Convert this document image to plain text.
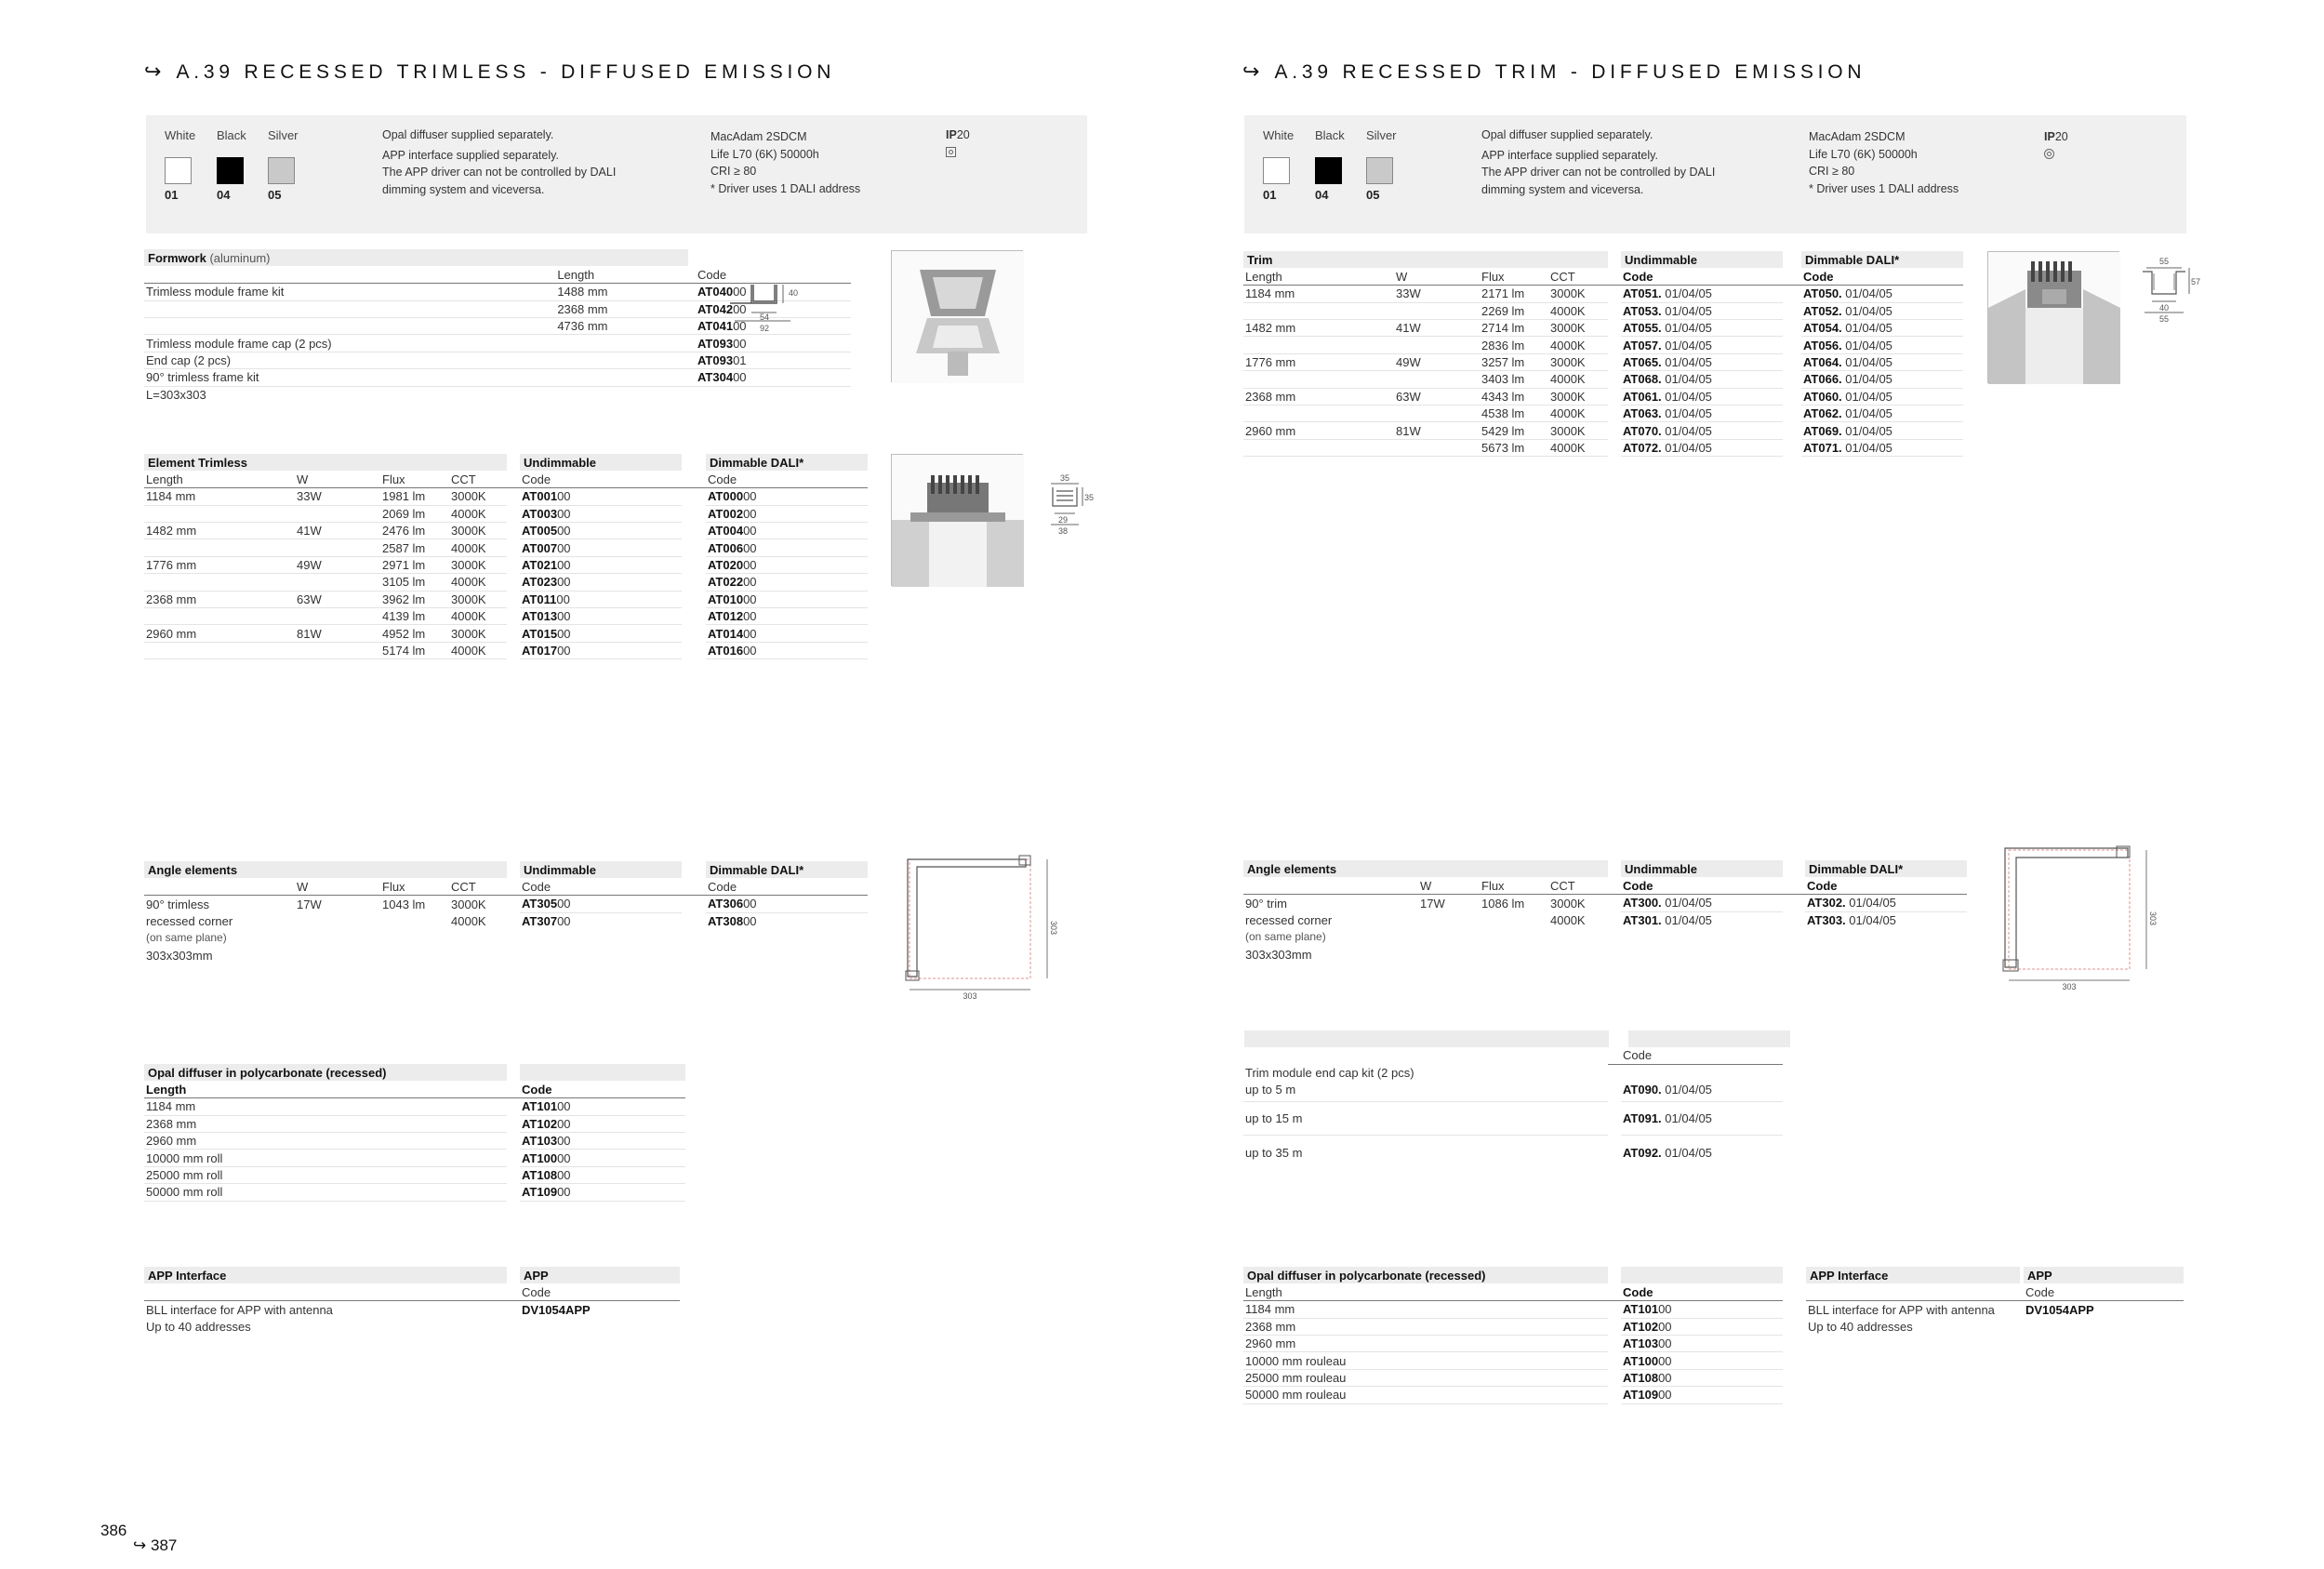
↪ A.39 RECESSED TRIMLESS - DIFFUSED EMISSION
White
01
Black
04
Silver
05
Opal diffuser supplied separately.
APP interface supplied separately.
The APP driver can not be controlled by DALI
dimming system and viceversa.
MacAdam 2SDCM
Life L70 (6K) 50000h
CRI ≥ 80
* Driver uses 1 DALI address
IP20
Formwork (aluminum)		
	Length	Code
Trimless module frame kit	1488 mm	AT04000
	2368 mm	AT04200
	4736 mm	AT04100
Trimless module frame cap (2 pcs)		AT09300
End cap (2 pcs)		AT09301
90° trimless frame kit		AT30400
L=303x303		
54
92
40
Element Trimless					Undimmable		Dimmable DALI*
Length	W	Flux	CCT		Code		Code
1184 mm	33W	1981 lm	3000K		AT00100		AT00000
		2069 lm	4000K		AT00300		AT00200
1482 mm	41W	2476 lm	3000K		AT00500		AT00400
		2587 lm	4000K		AT00700		AT00600
1776 mm	49W	2971 lm	3000K		AT02100		AT02000
		3105 lm	4000K		AT02300		AT02200
2368 mm	63W	3962 lm	3000K		AT01100		AT01000
		4139 lm	4000K		AT01300		AT01200
2960 mm	81W	4952 lm	3000K		AT01500		AT01400
		5174 lm	4000K		AT01700		AT01600
35
35
29
38
Angle elements					Undimmable		Dimmable DALI*
	W	Flux	CCT		Code		Code
90° trimless	17W	1043 lm	3000K		AT30500		AT30600
recessed corner			4000K		AT30700		AT30800
(on same plane)							
303x303mm							
303
303
Opal diffuser in polycarbonate (recessed)		
Length		Code
1184 mm		AT10100
2368 mm		AT10200
2960 mm		AT10300
10000 mm roll		AT10000
25000 mm roll		AT10800
50000 mm roll		AT10900
APP Interface		APP
		Code
BLL interface for APP with antenna		DV1054APP
Up to 40 addresses		
386
↪ 387
↪ A.39 RECESSED TRIM - DIFFUSED EMISSION
White
01
Black
04
Silver
05
Opal diffuser supplied separately.
APP interface supplied separately.
The APP driver can not be controlled by DALI
dimming system and viceversa.
MacAdam 2SDCM
Life L70 (6K) 50000h
CRI ≥ 80
* Driver uses 1 DALI address
IP20
Trim					Undimmable		Dimmable DALI*
Length	W	Flux	CCT		Code		Code
1184 mm	33W	2171 lm	3000K		AT051. 01/04/05		AT050. 01/04/05
		2269 lm	4000K		AT053. 01/04/05		AT052. 01/04/05
1482 mm	41W	2714 lm	3000K		AT055. 01/04/05		AT054. 01/04/05
		2836 lm	4000K		AT057. 01/04/05		AT056. 01/04/05
1776 mm	49W	3257 lm	3000K		AT065. 01/04/05		AT064. 01/04/05
		3403 lm	4000K		AT068. 01/04/05		AT066. 01/04/05
2368 mm	63W	4343 lm	3000K		AT061. 01/04/05		AT060. 01/04/05
		4538 lm	4000K		AT063. 01/04/05		AT062. 01/04/05
2960 mm	81W	5429 lm	3000K		AT070. 01/04/05		AT069. 01/04/05
		5673 lm	4000K		AT072. 01/04/05		AT071. 01/04/05
55
57
40
55
Angle elements					Undimmable		Dimmable DALI*
	W	Flux	CCT		Code		Code
90° trim	17W	1086 lm	3000K		AT300. 01/04/05		AT302. 01/04/05
recessed corner			4000K		AT301. 01/04/05		AT303. 01/04/05
(on same plane)							
303x303mm							
303
303
		Code
Trim module end cap kit (2 pcs)		
up to 5 m		AT090. 01/04/05
up to 15 m		AT091. 01/04/05
up to 35 m		AT092. 01/04/05
Opal diffuser in polycarbonate (recessed)		
Length		Code
1184 mm		AT10100
2368 mm		AT10200
2960 mm		AT10300
10000 mm rouleau		AT10000
25000 mm rouleau		AT10800
50000 mm rouleau		AT10900
APP Interface		APP
		Code
BLL interface for APP with antenna		DV1054APP
Up to 40 addresses		
